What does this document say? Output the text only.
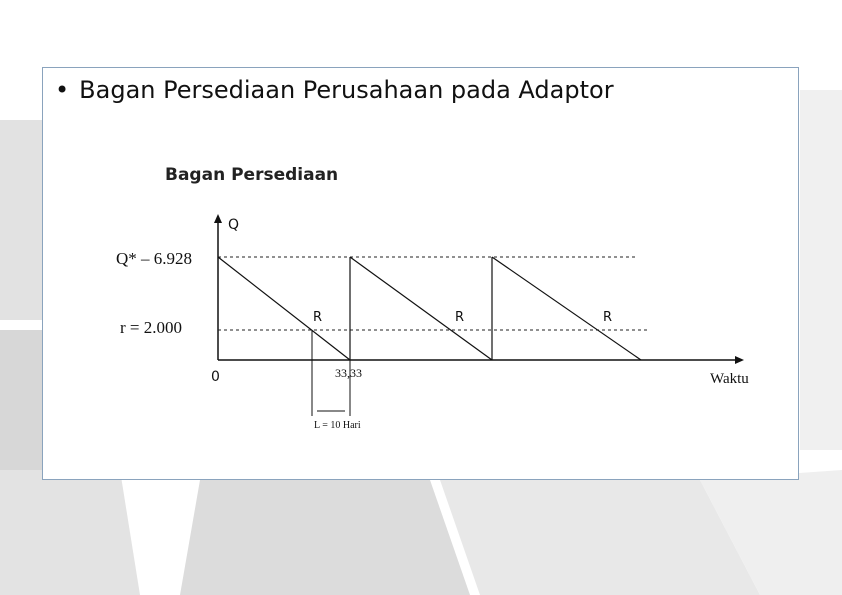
• Bagan Persediaan Perusahaan pada Adaptor
Bagan Persediaan
Q
Waktu
0
Q* – 6.928
r = 2.000
R	R	R
33,33
L = 10 Hari
